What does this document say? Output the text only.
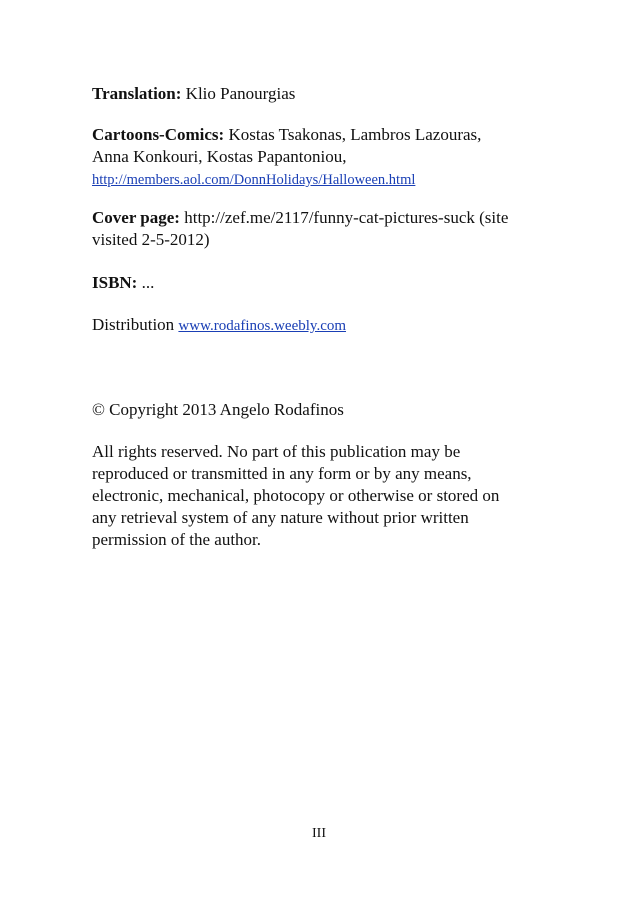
Translation: Klio Panourgias
Cartoons-Comics: Kostas Tsakonas, Lambros Lazouras,
Anna Konkouri, Kostas Papantoniou,
http://members.aol.com/DonnHolidays/Halloween.html
Cover page: http://zef.me/2117/funny-cat-pictures-suck (site
visited 2-5-2012)
ISBN: ...
Distribution www.rodafinos.weebly.com
© Copyright 2013 Angelo Rodafinos
All rights reserved. No part of this publication may be
reproduced or transmitted in any form or by any means,
electronic, mechanical, photocopy or otherwise or stored on
any retrieval system of any nature without prior written
permission of the author.
III
